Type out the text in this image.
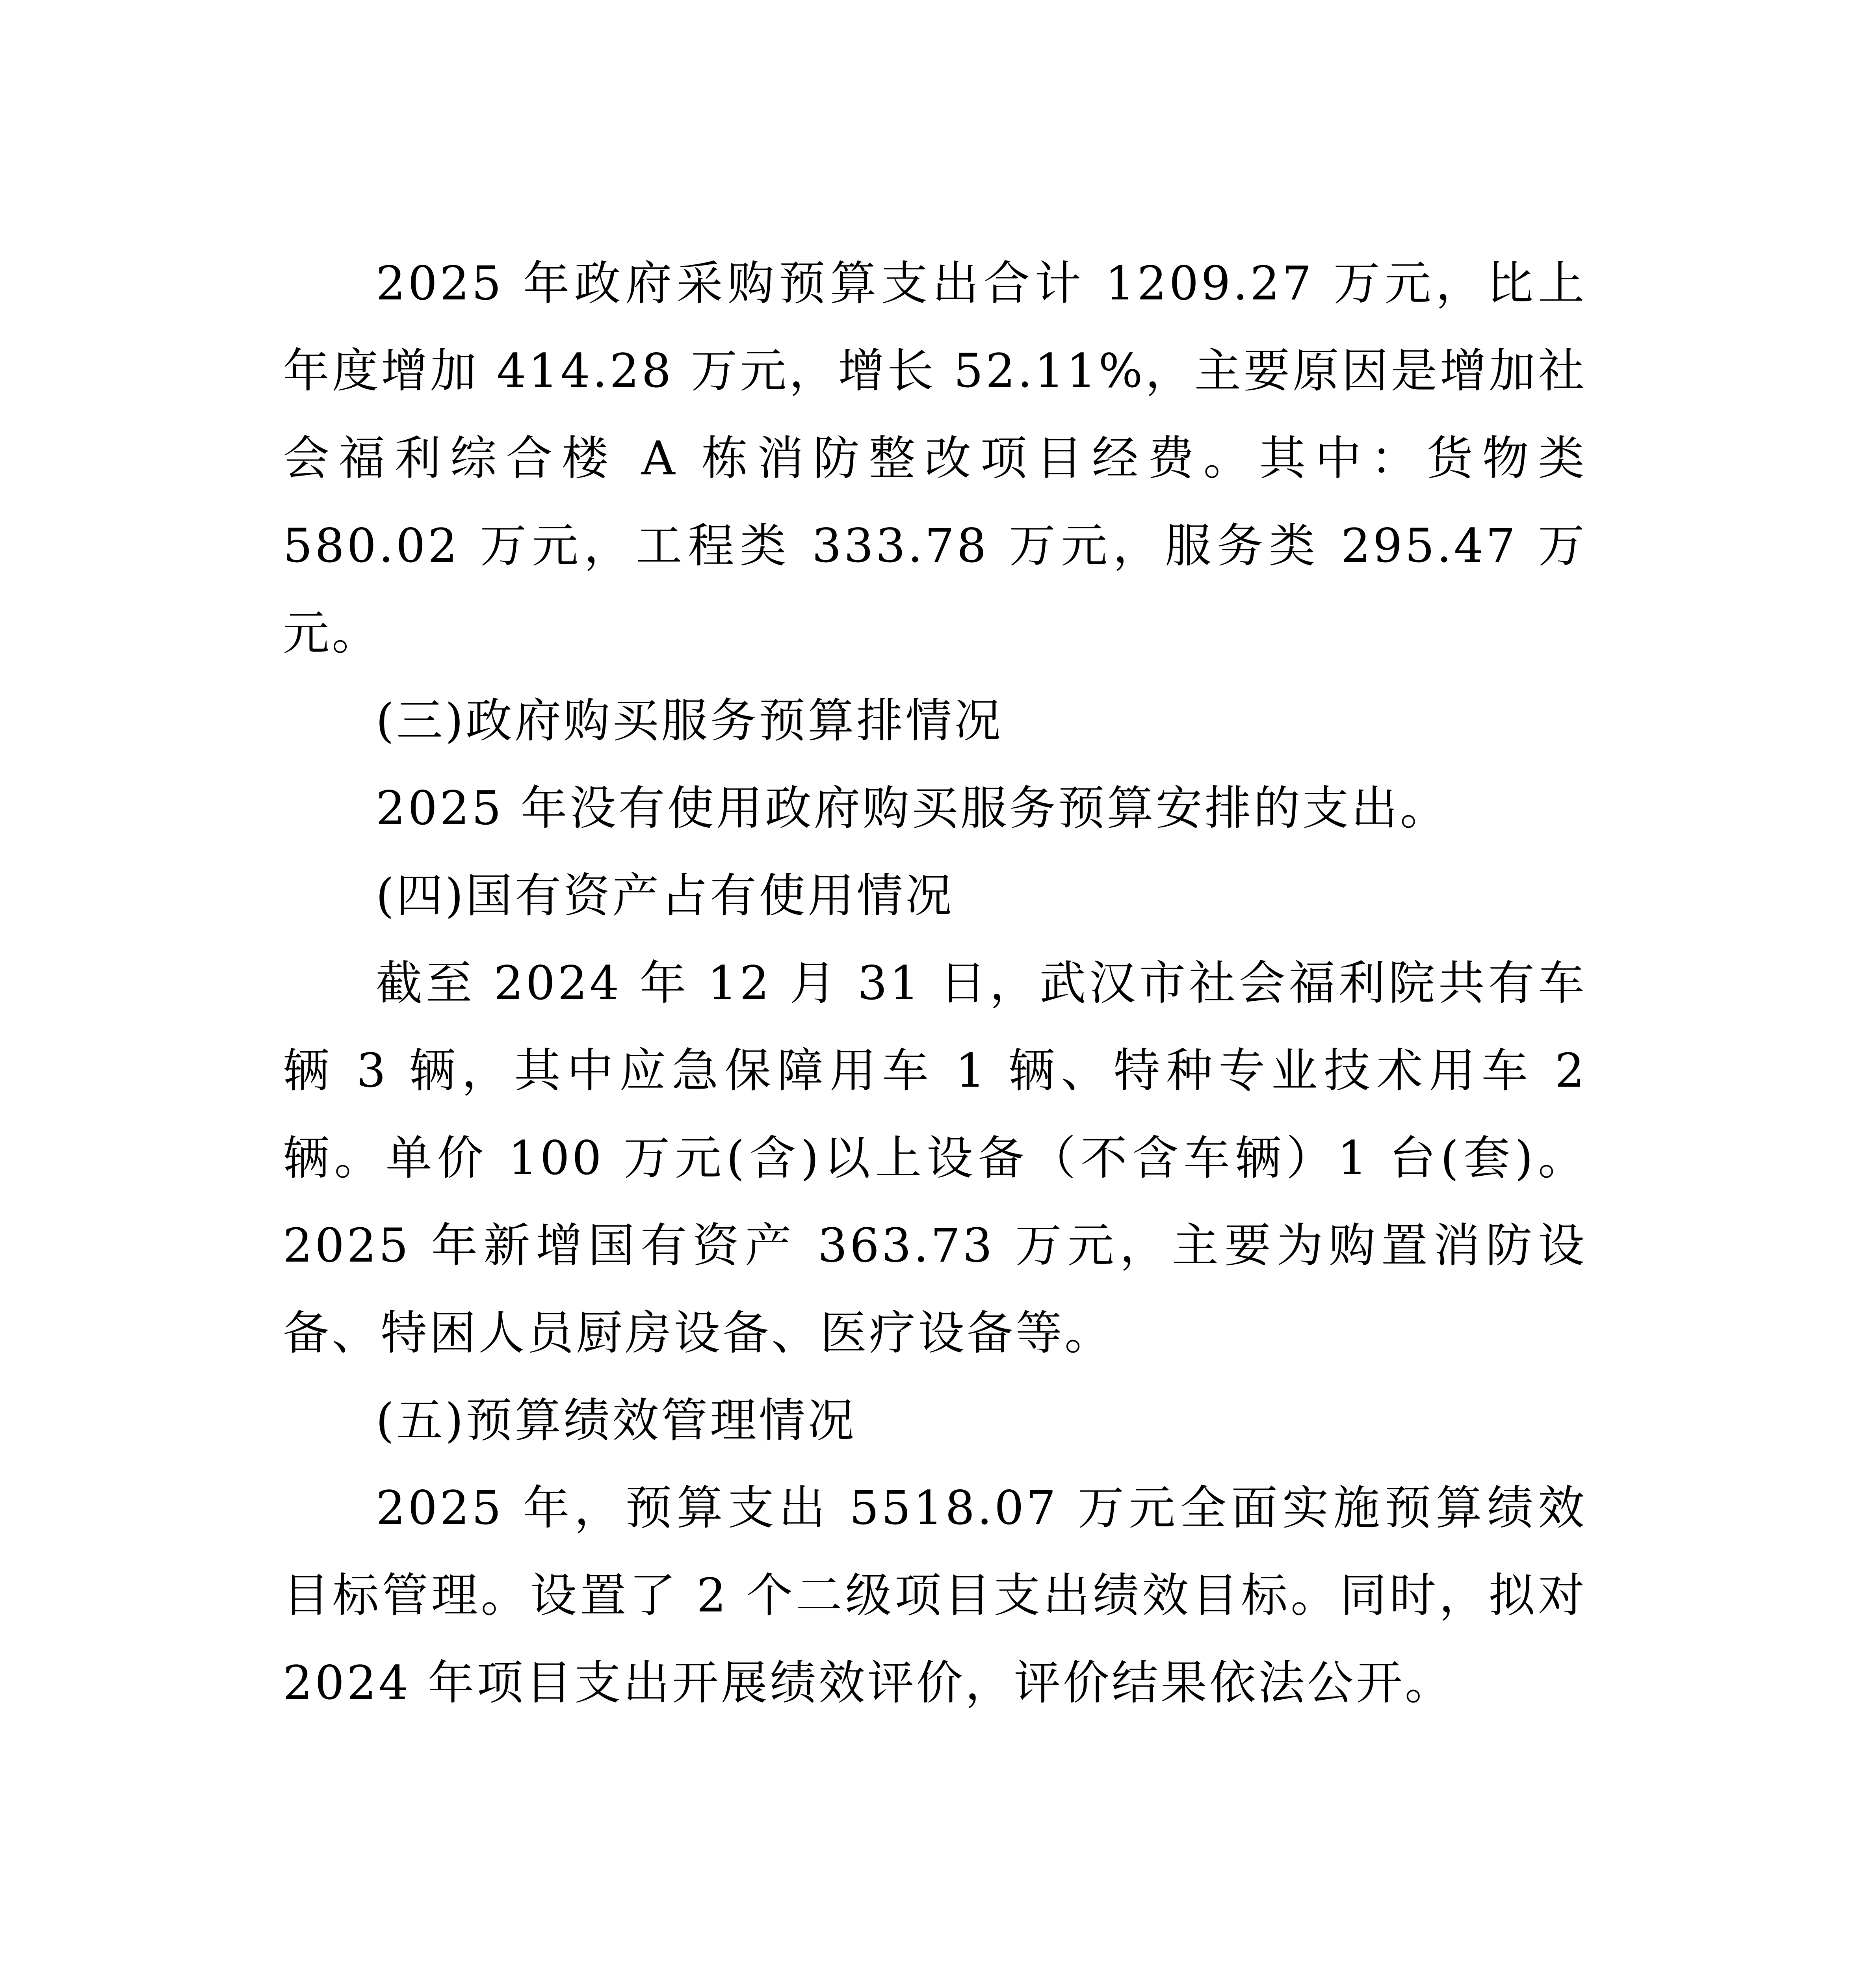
2025 年政府采购预算支出合计 1209.27 万元，比上年度增加 414.28 万元，增长 52.11%，主要原因是增加社会福利综合楼 A 栋消防整改项目经费。其中：货物类 580.02 万元，工程类 333.78 万元，服务类 295.47 万元。

(三)政府购买服务预算排情况

2025 年没有使用政府购买服务预算安排的支出。

(四)国有资产占有使用情况

截至 2024 年 12 月 31 日，武汉市社会福利院共有车辆 3 辆，其中应急保障用车 1 辆、特种专业技术用车 2 辆。单价 100 万元(含)以上设备（不含车辆）1 台(套)。2025 年新增国有资产 363.73 万元，主要为购置消防设备、特困人员厨房设备、医疗设备等。

(五)预算绩效管理情况

2025 年，预算支出 5518.07 万元全面实施预算绩效目标管理。设置了 2 个二级项目支出绩效目标。同时，拟对 2024 年项目支出开展绩效评价，评价结果依法公开。
